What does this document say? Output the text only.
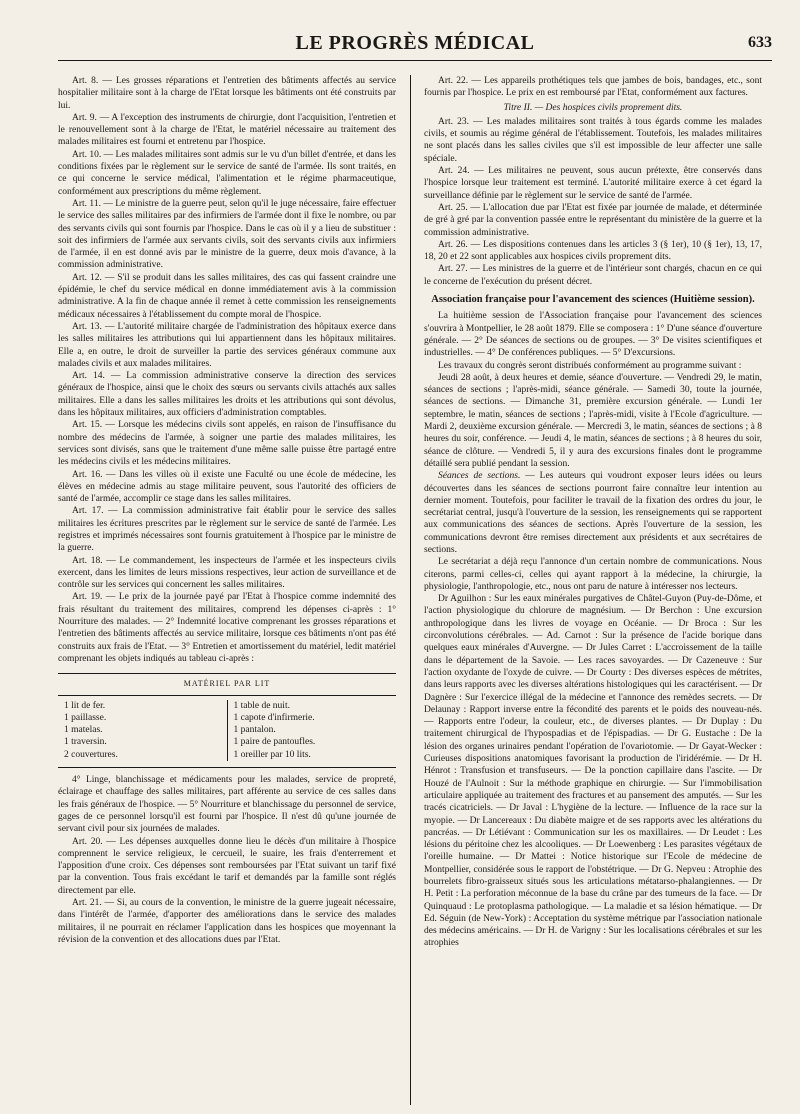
LE PROGRÈS MÉDICAL	633

Art. 8. — Les grosses réparations et l'entretien des bâtiments affectés au service hospitalier militaire sont à la charge de l'Etat lorsque les bâtiments ont été construits par lui.

Art. 9. — A l'exception des instruments de chirurgie, dont l'acquisition, l'entretien et le renouvellement sont à la charge de l'Etat, le matériel nécessaire au traitement des malades militaires est fourni et entretenu par l'hospice.

Art. 10. — Les malades militaires sont admis sur le vu d'un billet d'entrée, et dans les conditions fixées par le règlement sur le service de santé de l'armée. Ils sont traités, en ce qui concerne le service médical, l'alimentation et le régime pharmaceutique, conformément aux prescriptions du même règlement.

Art. 11. — Le ministre de la guerre peut, selon qu'il le juge nécessaire, faire effectuer le service des salles militaires par des infirmiers de l'armée dont il fixe le nombre, ou par des servants civils qui sont fournis par l'hospice. Dans le cas où il y a lieu de substituer : soit des infirmiers de l'armée aux servants civils, soit des servants civils aux infirmiers de l'armée, il en est donné avis par le ministre de la guerre, deux mois d'avance, à la commission administrative.

Art. 12. — S'il se produit dans les salles militaires, des cas qui fassent craindre une épidémie, le chef du service médical en donne immédiatement avis à la commission administrative. A la fin de chaque année il remet à cette commission les renseignements médicaux nécessaires à l'établissement du compte moral de l'hospice.

Art. 13. — L'autorité militaire chargée de l'administration des hôpitaux exerce dans les salles militaires les attributions qui lui appartiennent dans les hôpitaux militaires. Elle a, en outre, le droit de surveiller la partie des services généraux commune aux malades civils et aux malades militaires.

Art. 14. — La commission administrative conserve la direction des services généraux de l'hospice, ainsi que le choix des sœurs ou servants civils attachés aux salles militaires. Elle a dans les salles militaires les droits et les attributions qui sont dévolus, dans les hôpitaux militaires, aux officiers d'administration comptables.

Art. 15. — Lorsque les médecins civils sont appelés, en raison de l'insuffisance du nombre des médecins de l'armée, à soigner une partie des malades militaires, les services sont divisés, sans que le traitement d'une même salle puisse être partagé entre les médecins civils et les médecins militaires.

Art. 16. — Dans les villes où il existe une Faculté ou une école de médecine, les élèves en médecine admis au stage militaire peuvent, sous l'autorité des officiers de santé de l'armée, accomplir ce stage dans les salles militaires.

Art. 17. — La commission administrative fait établir pour le service des salles militaires les écritures prescrites par le règlement sur le service de santé de l'armée. Les registres et imprimés nécessaires sont fournis gratuitement à l'hospice par le ministre de la guerre.

Art. 18. — Le commandement, les inspecteurs de l'armée et les inspecteurs civils exercent, dans les limites de leurs missions respectives, leur action de surveillance et de contrôle sur les services qui concernent les salles militaires.

Art. 19. — Le prix de la journée payé par l'Etat à l'hospice comme indemnité des frais résultant du traitement des militaires, comprend les dépenses ci-après : 1° Nourriture des malades. — 2° Indemnité locative comprenant les grosses réparations et l'entretien des bâtiments affectés au service militaire, lorsque ces bâtiments n'ont pas été construits aux frais de l'Etat. — 3° Entretien et amortissement du matériel, ledit matériel comprenant les objets indiqués au tableau ci-après :

MATÉRIEL PAR LIT
1 lit de fer.
1 paillasse.
1 matelas.
1 traversin.
2 couvertures.
1 table de nuit.
1 capote d'infirmerie.
1 pantalon.
1 paire de pantoufles.
1 oreiller par 10 lits.

4° Linge, blanchissage et médicaments pour les malades, service de propreté, éclairage et chauffage des salles militaires, part afférente au service de ces salles dans les frais généraux de l'hospice. — 5° Nourriture et blanchissage du personnel de service, gages de ce personnel lorsqu'il est fourni par l'hospice. Il n'est dû qu'une journée de servant civil pour six journées de malades.

Art. 20. — Les dépenses auxquelles donne lieu le décès d'un militaire à l'hospice comprennent le service religieux, le cercueil, le suaire, les frais d'enterrement et l'apposition d'une croix. Ces dépenses sont remboursées par l'Etat suivant un tarif fixé par la convention. Tous frais excédant le tarif et demandés par la famille sont réglés directement par elle.

Art. 21. — Si, au cours de la convention, le ministre de la guerre jugeait nécessaire, dans l'intérêt de l'armée, d'apporter des améliorations dans le service des malades militaires, il ne pourrait en réclamer l'application dans les hospices que moyennant la révision de la convention et des allocations dues par l'Etat.

Art. 22. — Les appareils prothétiques tels que jambes de bois, bandages, etc., sont fournis par l'hospice. Le prix en est remboursé par l'Etat, conformément aux factures.

Titre II. — Des hospices civils proprement dits.

Art. 23. — Les malades militaires sont traités à tous égards comme les malades civils, et soumis au régime général de l'établissement. Toutefois, les malades militaires ne sont placés dans les salles civiles que s'il est impossible de leur affecter une salle spéciale.

Art. 24. — Les militaires ne peuvent, sous aucun prétexte, être conservés dans l'hospice lorsque leur traitement est terminé. L'autorité militaire exerce à cet égard la surveillance définie par le règlement sur le service de santé de l'armée.

Art. 25. — L'allocation due par l'Etat est fixée par journée de malade, et déterminée de gré à gré par la convention passée entre le représentant du ministère de la guerre et la commission administrative.

Art. 26. — Les dispositions contenues dans les articles 3 (§ 1er), 10 (§ 1er), 13, 17, 18, 20 et 22 sont applicables aux hospices civils proprement dits.

Art. 27. — Les ministres de la guerre et de l'intérieur sont chargés, chacun en ce qui le concerne de l'exécution du présent décret.

Association française pour l'avancement des sciences (Huitième session).

La huitième session de l'Association française pour l'avancement des sciences s'ouvrira à Montpellier, le 28 août 1879. Elle se composera : 1° D'une séance d'ouverture générale. — 2° De séances de sections ou de groupes. — 3° De visites scientifiques et industrielles. — 4° De conférences publiques. — 5° D'excursions.

Les travaux du congrès seront distribués conformément au programme suivant :

Jeudi 28 août, à deux heures et demie, séance d'ouverture. — Vendredi 29, le matin, séances de sections ; l'après-midi, séance générale. — Samedi 30, toute la journée, séances de sections. — Dimanche 31, première excursion générale. — Lundi 1er septembre, le matin, séances de sections ; l'après-midi, visite à l'Ecole d'agriculture. — Mardi 2, deuxième excursion générale. — Mercredi 3, le matin, séances de sections ; à 8 heures du soir, conférence. — Jeudi 4, le matin, séances de sections ; à 8 heures du soir, séance de clôture. — Vendredi 5, il y aura des excursions finales dont le programme détaillé sera publié pendant la session.

Séances de sections. — Les auteurs qui voudront exposer leurs idées ou leurs découvertes dans les séances de sections pourront faire connaître leur intention au dernier moment. Toutefois, pour faciliter le travail de la fixation des ordres du jour, le secrétariat central, jusqu'à l'ouverture de la session, les renseignements qui se rapportent aux communications des séances de sections. Après l'ouverture de la session, les communications devront être remises directement aux présidents et aux secrétaires de sections.

Le secrétariat a déjà reçu l'annonce d'un certain nombre de communications. Nous citerons, parmi celles-ci, celles qui ayant rapport à la médecine, la chirurgie, la physiologie, l'anthropologie, etc., nous ont paru de nature à intéresser nos lecteurs.

Dr Aguilhon : Sur les eaux minérales purgatives de Châtel-Guyon (Puy-de-Dôme, et l'action physiologique du chlorure de magnésium. — Dr Berchon : Une excursion anthropologique dans les livres de voyage en Océanie. — Dr Broca : Sur les circonvolutions cérébrales. — Ad. Carnot : Sur la présence de l'acide borique dans quelques eaux minérales d'Auvergne. — Dr Jules Carret : L'accroissement de la taille dans le département de la Savoie. — Les races savoyardes. — Dr Cazeneuve : Sur l'action oxydante de l'oxyde de cuivre. — Dr Courty : Des diverses espèces de métrites, dans leurs rapports avec les diverses altérations histologiques qui les caractérisent. — Dr Dagnère : Sur l'exercice illégal de la médecine et l'annonce des remèdes secrets. — Dr Delaunay : Rapport inverse entre la fécondité des parents et le poids des nouveau-nés. — Rapports entre l'odeur, la couleur, etc., de diverses plantes. — Dr Duplay : Du traitement chirurgical de l'hypospadias et de l'épispadias. — Dr G. Eustache : De la lésion des organes urinaires pendant l'opération de l'ovariotomie. — Dr Gayat-Wecker : Curieuses dispositions anatomiques favorisant la production de l'iridérémie. — Dr H. Hénrot : Transfusion et transfuseurs. — De la ponction capillaire dans l'ascite. — Dr Houzé de l'Aulnoit : Sur la méthode graphique en chirurgie. — Sur l'immobilisation articulaire appliquée au traitement des fractures et au pansement des amputés. — Sur les tracés cicatriciels. — Dr Javal : L'hygiène de la lecture. — Influence de la race sur la myopie. — Dr Lancereaux : Du diabète maigre et de ses rapports avec les altérations du pancréas. — Dr Létiévant : Communication sur les os maxillaires. — Dr Leudet : Les lésions du péritoine chez les alcooliques. — Dr Loewenberg : Les parasites végétaux de l'oreille humaine. — Dr Mattei : Notice historique sur l'Ecole de médecine de Montpellier, considérée sous le rapport de l'obstétrique. — Dr G. Nepveu : Atrophie des bourrelets fibro-graisseux situés sous les articulations métatarso-phalangiennes. — Dr H. Petit : La perforation méconnue de la base du crâne par des tumeurs de la face. — Dr Quinquaud : Le protoplasma pathologique. — La maladie et sa lésion hématique. — Dr Ed. Séguin (de New-York) : Acceptation du système métrique par l'association nationale des médecins américains. — Dr H. de Varigny : Sur les localisations cérébrales et sur les atrophies
